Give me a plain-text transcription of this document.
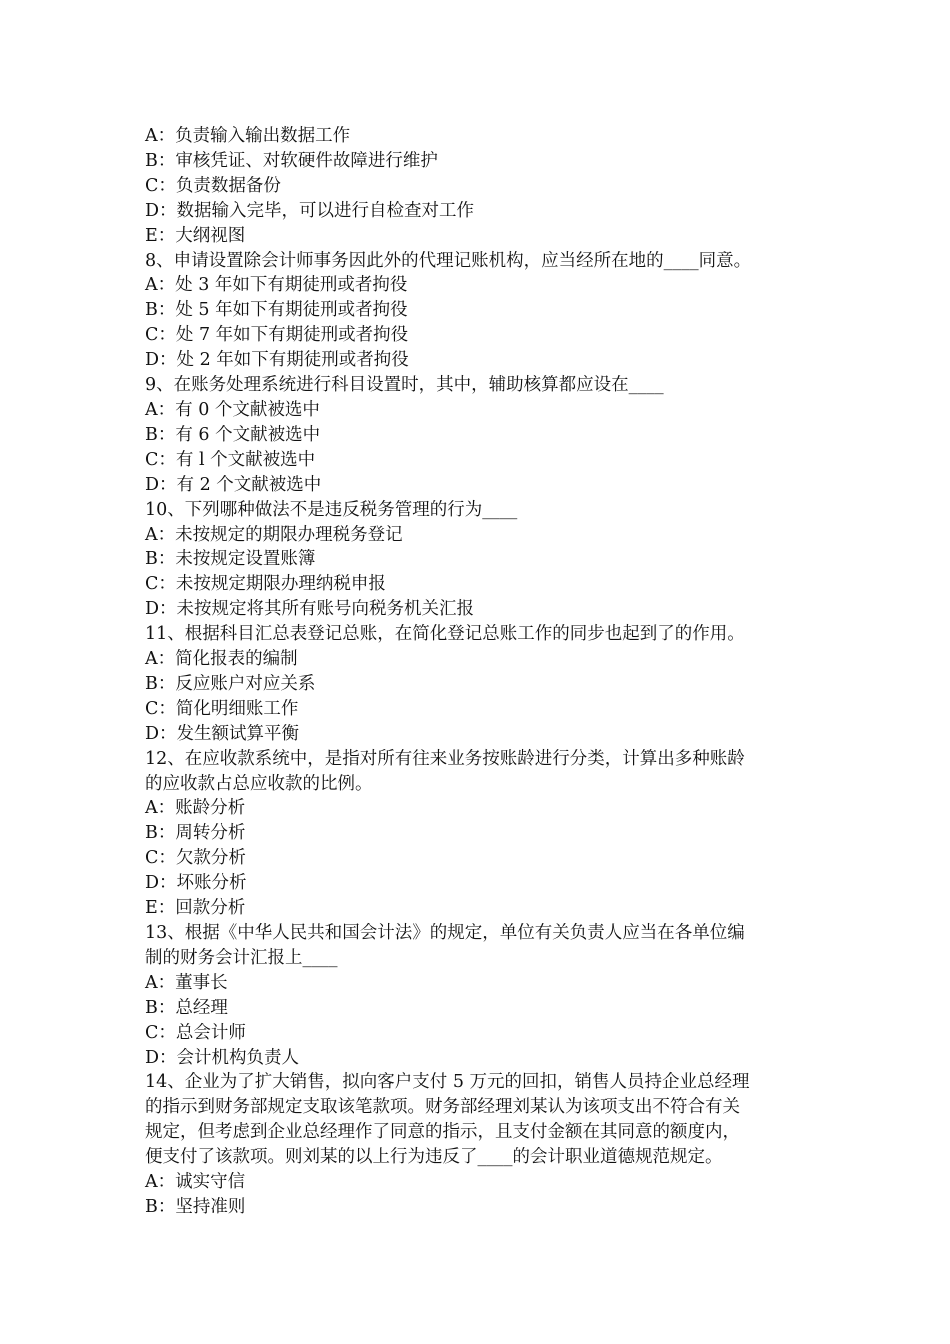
A：负责输入输出数据工作
B：审核凭证、对软硬件故障进行维护
C：负责数据备份
D：数据输入完毕，可以进行自检查对工作
E：大纲视图
8、申请设置除会计师事务因此外的代理记账机构，应当经所在地的____同意。
A：处 3 年如下有期徒刑或者拘役
B：处 5 年如下有期徒刑或者拘役
C：处 7 年如下有期徒刑或者拘役
D：处 2 年如下有期徒刑或者拘役
9、在账务处理系统进行科目设置时，其中，辅助核算都应设在____
A：有 0 个文献被选中
B：有 6 个文献被选中
C：有 l 个文献被选中
D：有 2 个文献被选中
10、下列哪种做法不是违反税务管理的行为____
A：未按规定的期限办理税务登记
B：未按规定设置账簿
C：未按规定期限办理纳税申报
D：未按规定将其所有账号向税务机关汇报
11、根据科目汇总表登记总账，在简化登记总账工作的同步也起到了的作用。
A：简化报表的编制
B：反应账户对应关系
C：简化明细账工作
D：发生额试算平衡
12、在应收款系统中，是指对所有往来业务按账龄进行分类，计算出多种账龄
的应收款占总应收款的比例。
A：账龄分析
B：周转分析
C：欠款分析
D：坏账分析
E：回款分析
13、根据《中华人民共和国会计法》的规定，单位有关负责人应当在各单位编
制的财务会计汇报上____
A：董事长
B：总经理
C：总会计师
D：会计机构负责人
14、企业为了扩大销售，拟向客户支付 5 万元的回扣，销售人员持企业总经理
的指示到财务部规定支取该笔款项。财务部经理刘某认为该项支出不符合有关
规定，但考虑到企业总经理作了同意的指示，且支付金额在其同意的额度内，
便支付了该款项。则刘某的以上行为违反了____的会计职业道德规范规定。
A：诚实守信
B：坚持准则
